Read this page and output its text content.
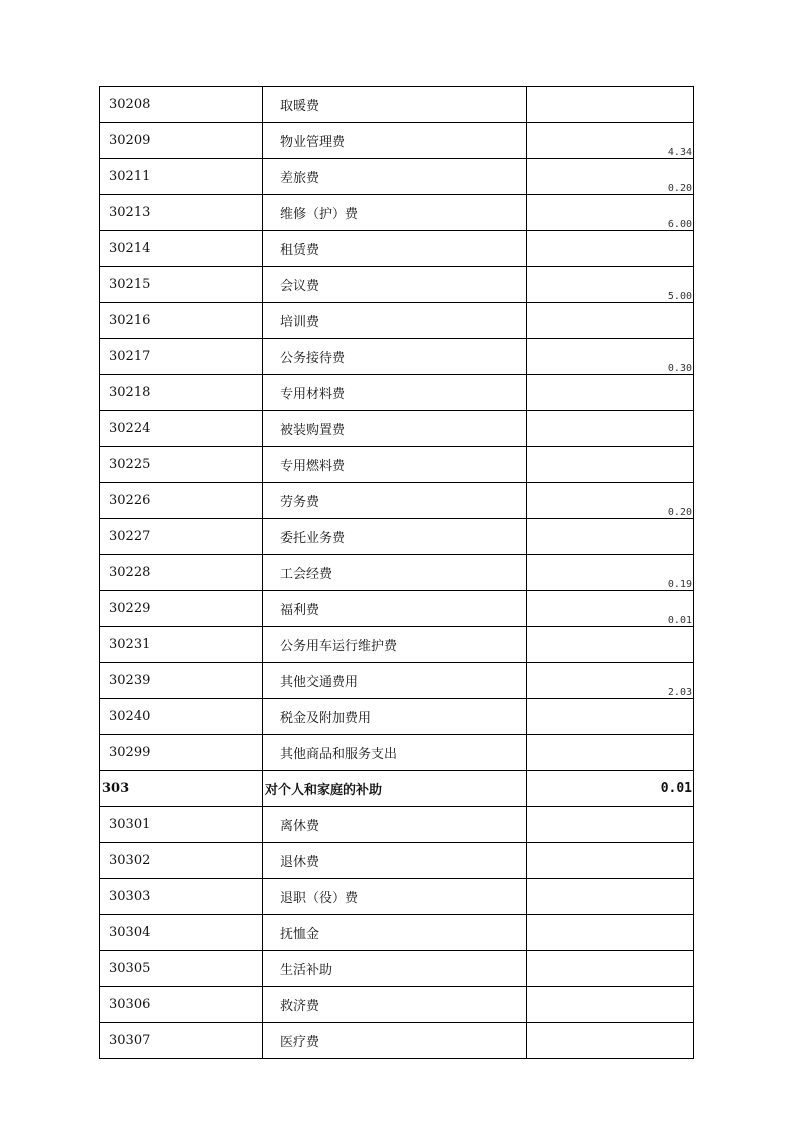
30208	取暖费	
30209	物业管理费	4.34
30211	差旅费	0.20
30213	维修（护）费	6.00
30214	租赁费	
30215	会议费	5.00
30216	培训费	
30217	公务接待费	0.30
30218	专用材料费	
30224	被装购置费	
30225	专用燃料费	
30226	劳务费	0.20
30227	委托业务费	
30228	工会经费	0.19
30229	福利费	0.01
30231	公务用车运行维护费	
30239	其他交通费用	2.03
30240	税金及附加费用	
30299	其他商品和服务支出	
303	对个人和家庭的补助	0.01
30301	离休费	
30302	退休费	
30303	退职（役）费	
30304	抚恤金	
30305	生活补助	
30306	救济费	
30307	医疗费	
